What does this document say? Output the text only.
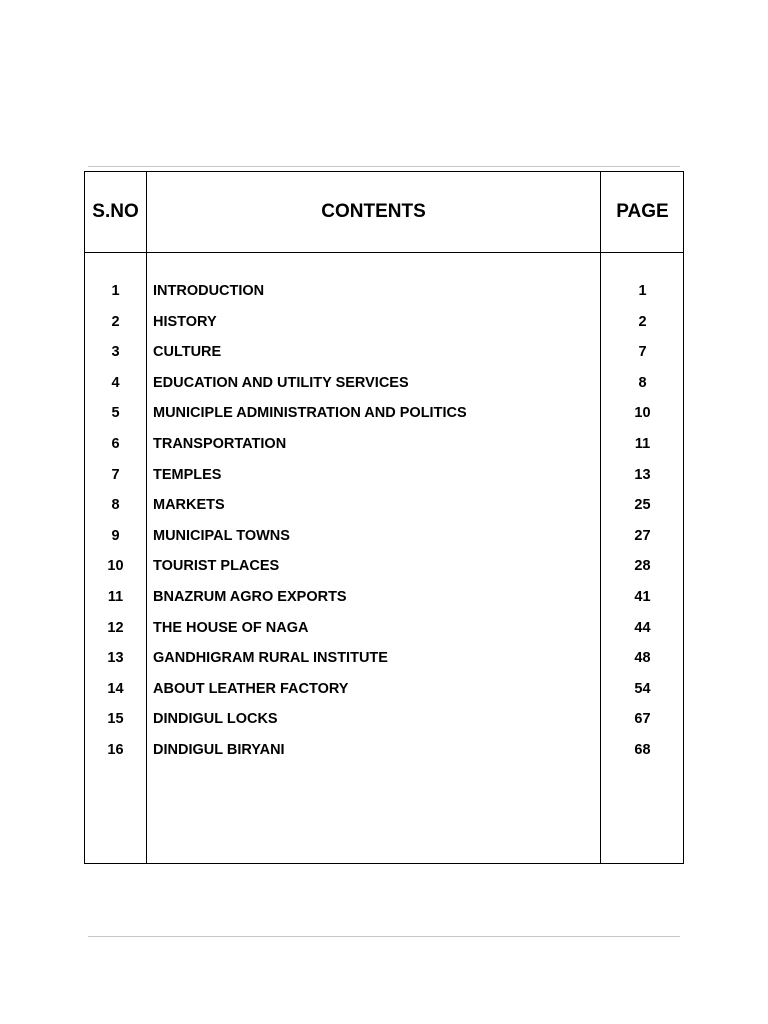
S.NO	CONTENTS	PAGE
1	INTRODUCTION	1
2	HISTORY	2
3	CULTURE	7
4	EDUCATION AND UTILITY SERVICES	8
5	MUNICIPLE ADMINISTRATION AND POLITICS	10
6	TRANSPORTATION	11
7	TEMPLES	13
8	MARKETS	25
9	MUNICIPAL TOWNS	27
10	TOURIST PLACES	28
11	BNAZRUM AGRO EXPORTS	41
12	THE HOUSE OF NAGA	44
13	GANDHIGRAM RURAL INSTITUTE	48
14	ABOUT LEATHER FACTORY	54
15	DINDIGUL LOCKS	67
16	DINDIGUL BIRYANI	68
